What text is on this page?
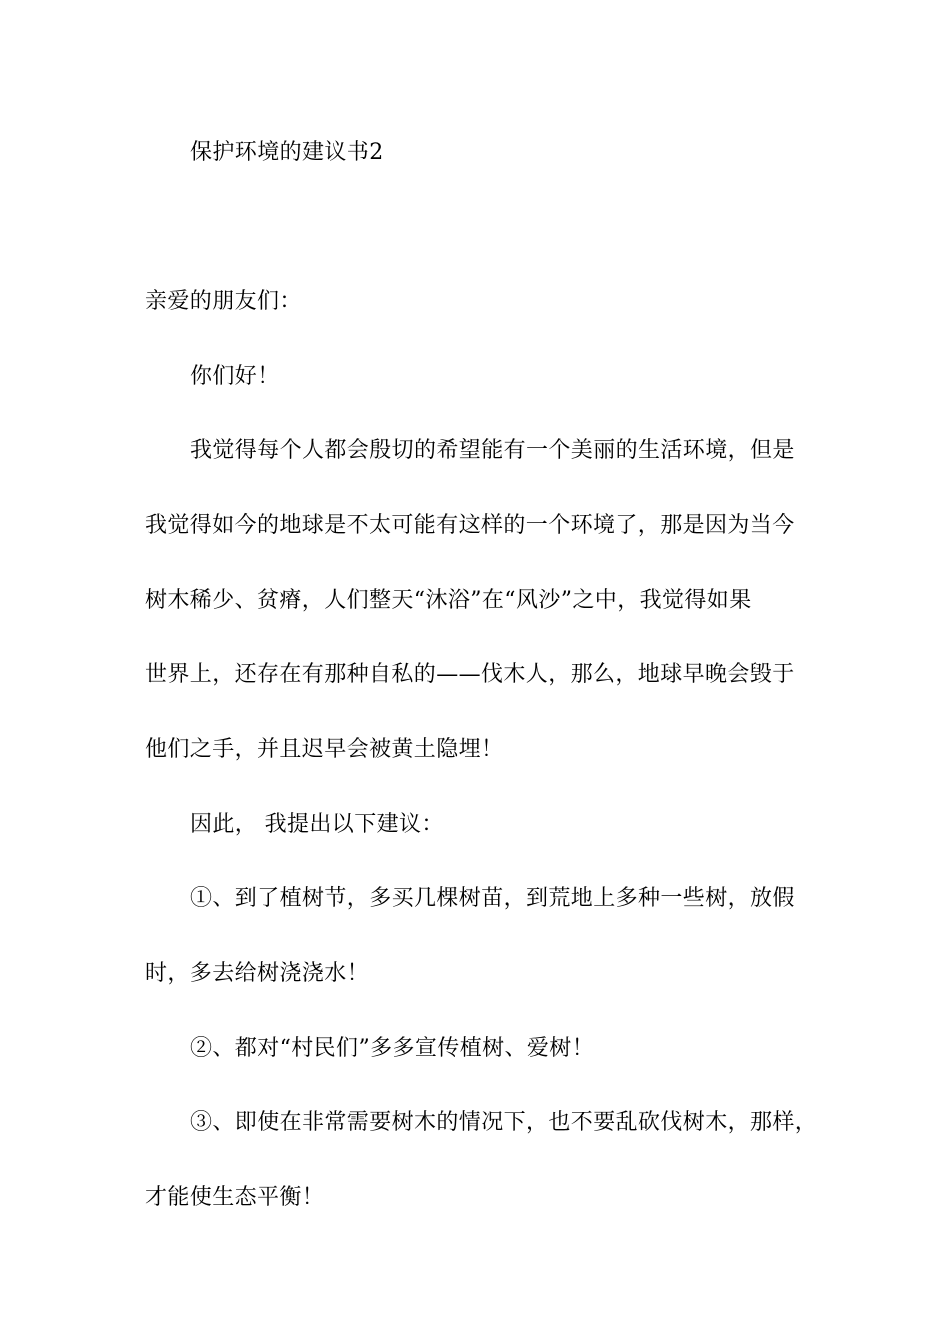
保护环境的建议书2
亲爱的朋友们：
你们好！
我觉得每个人都会殷切的希望能有一个美丽的生活环境，但是
我觉得如今的地球是不太可能有这样的一个环境了，那是因为当今
树木稀少、贫瘠，人们整天“沐浴”在“风沙”之中，我觉得如果
世界上，还存在有那种自私的——伐木人，那么，地球早晚会毁于
他们之手，并且迟早会被黄土隐埋！
因此， 我提出以下建议：
①、到了植树节，多买几棵树苗，到荒地上多种一些树，放假
时，多去给树浇浇水！
②、都对“村民们”多多宣传植树、爱树！
③、即使在非常需要树木的情况下，也不要乱砍伐树木，那样，
才能使生态平衡！
